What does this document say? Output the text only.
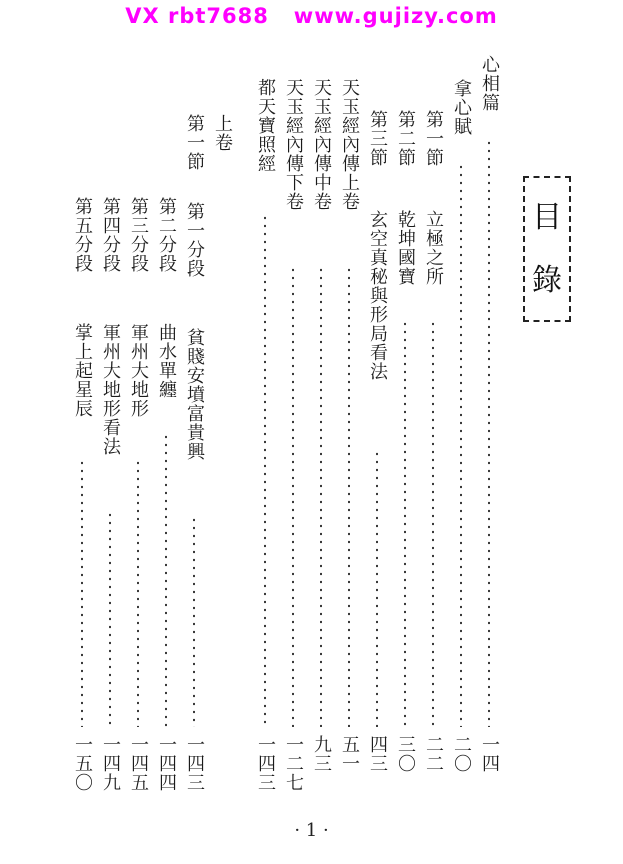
VX rbt7688   www.gujizy.com
目
錄
心相篇
一四
拿心賦
二〇
第一節
立極之所
二二
第二節
乾坤國寶
三〇
第三節
玄空真秘與形局看法
四三
天玉經內傳上卷
五一
天玉經內傳中卷
九三
天玉經內傳下卷
一二七
都天寶照經
一四三
上卷
第一節
第一分段
貧賤安墳富貴興
一四三
第二分段
曲水單纏
一四四
第三分段
軍州大地形
一四五
第四分段
軍州大地形看法
一四九
第五分段
掌上起星辰
一五〇
· 1 ·
